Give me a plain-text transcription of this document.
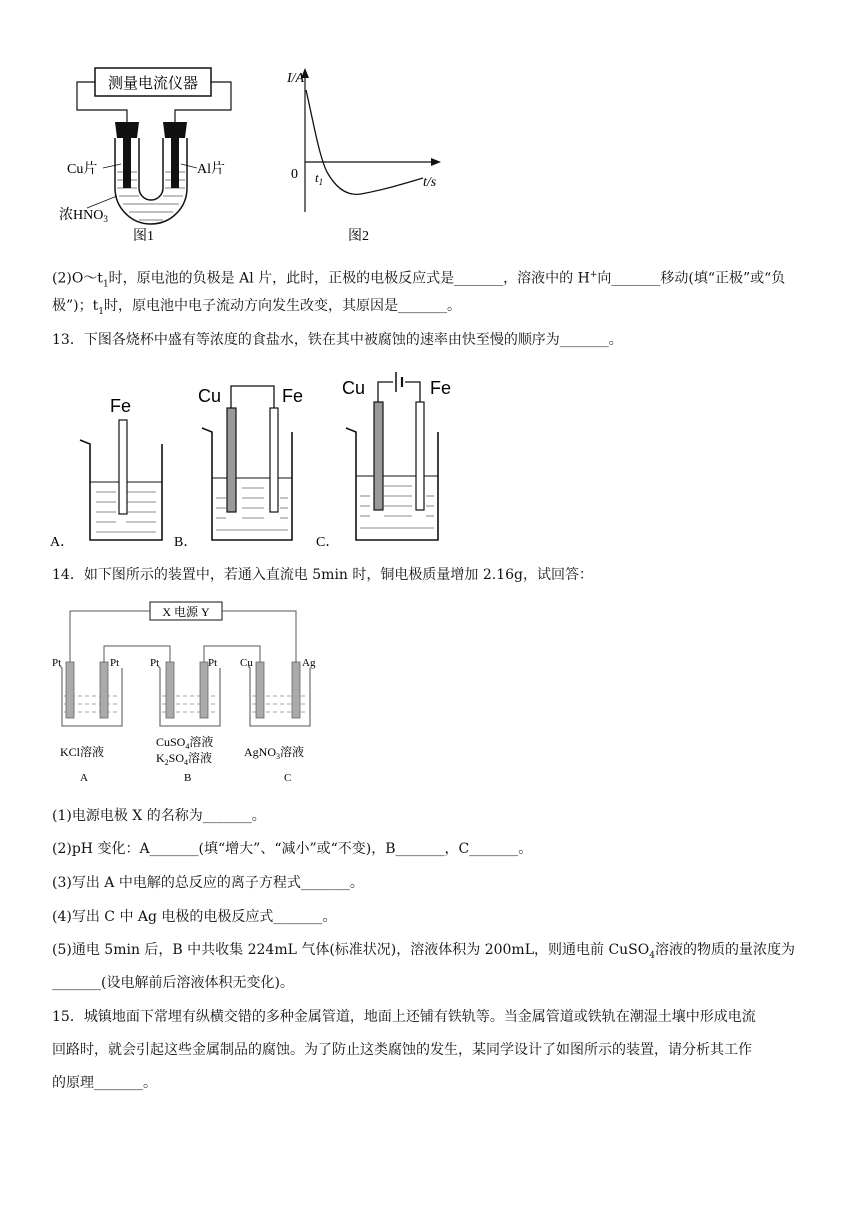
测量电流仪器
Cu片	Al片
浓$HNO_3$
图1
I/A
t/s
0 $t_1$
图2
$(2)O\sim t_1$时，原电池的负极是 Al 片，此时，正极的电极反应式是_______，溶液中的 H+向_______移动(填“正极”或“负
极”)；$t_1$时，原电池中电子流动方向发生改变，其原因是_______。
13．下图各烧杯中盛有等浓度的食盐水，铁在其中被腐蚀的速率由快至慢的顺序为_______。
Fe
A．
Cu	Fe
B．
Cu	Fe
C．
14．如下图所示的装置中，若通入直流电 5min 时，铜电极质量增加 2.16g，试回答：
X 电源 Y
Pt	Pt	Pt	Pt Cu	Ag
KCl溶液
CuSO$_4$溶液
$K_2SO_4$溶液	AgNO$_3$溶液
A	B	C
(1)电源电极 X 的名称为_______。
(2)pH 变化：A_______(填“增大”、“减小”或“不变)，B_______，C_______。
(3)写出 A 中电解的总反应的离子方程式_______。
(4)写出 C 中 Ag 电极的电极反应式_______。
(5)通电 5min 后，B 中共收集 224mL 气体(标准状况)，溶液体积为 200mL，则通电前 CuSO$_4$溶液的物质的量浓度为
_______(设电解前后溶液体积无变化)。
15．城镇地面下常埋有纵横交错的多种金属管道，地面上还铺有铁轨等。当金属管道或铁轨在潮湿土壤中形成电流
回路时，就会引起这些金属制品的腐蚀。为了防止这类腐蚀的发生，某同学设计了如图所示的装置，请分析其工作
的原理_______。
